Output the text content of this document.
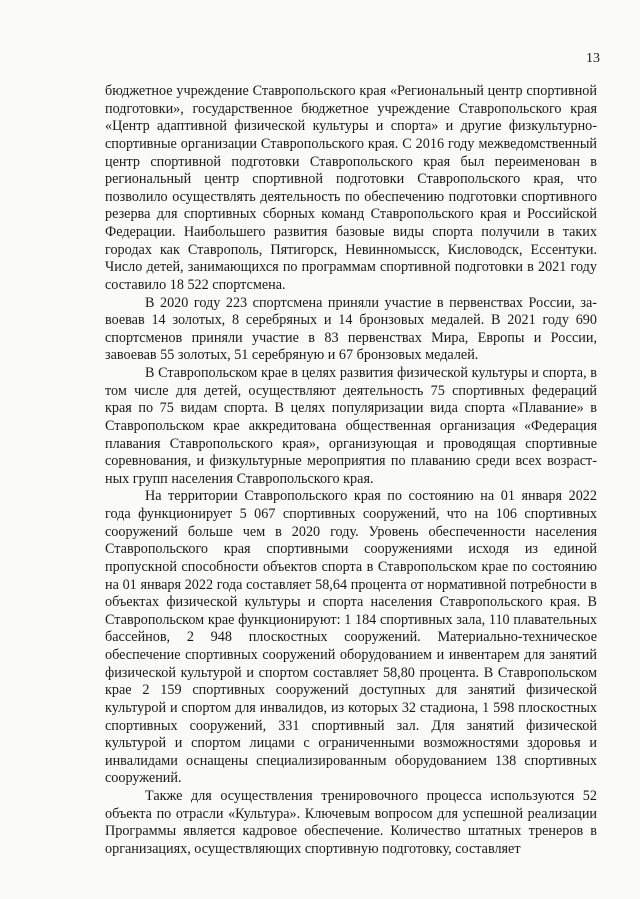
13

бюджетное учреждение Ставропольского края «Региональный центр спортивной подготовки», государственное бюджетное учреждение Ставропольского края «Центр адаптивной физической культуры и спорта» и другие физкультурно-спортивные организации Ставропольского края. С 2016 году межведомственный центр спортивной подготовки Ставропольского края был переименован в региональный центр спортивной подготовки Ставропольского края, что позволило осуществлять деятельность по обеспечению подготовки спортивного резерва для спортивных сборных команд Ставропольского края и Российской Федерации. Наибольшего развития базовые виды спорта получили в таких городах как Ставрополь, Пятигорск, Невинномысск, Кисловодск, Ессентуки. Число детей, занимающихся по программам спортивной подготовки в 2021 году составило 18 522 спортсмена.

В 2020 году 223 спортсмена приняли участие в первенствах России, завоевав 14 золотых, 8 серебряных и 14 бронзовых медалей. В 2021 году 690 спортсменов приняли участие в 83 первенствах Мира, Европы и России, завоевав 55 золотых, 51 серебряную и 67 бронзовых медалей.

В Ставропольском крае в целях развития физической культуры и спорта, в том числе для детей, осуществляют деятельность 75 спортивных федераций края по 75 видам спорта. В целях популяризации вида спорта «Плавание» в Ставропольском крае аккредитована общественная организация «Федерация плавания Ставропольского края», организующая и проводящая спортивные соревнования, и физкультурные мероприятия по плаванию среди всех возрастных групп населения Ставропольского края.

На территории Ставропольского края по состоянию на 01 января 2022 года функционирует 5 067 спортивных сооружений, что на 106 спортивных сооружений больше чем в 2020 году. Уровень обеспеченности населения Ставропольского края спортивными сооружениями исходя из единой пропускной способности объектов спорта в Ставропольском крае по состоянию на 01 января 2022 года составляет 58,64 процента от нормативной потребности в объектах физической культуры и спорта населения Ставропольского края. В Ставропольском крае функционируют: 1 184 спортивных зала, 110 плавательных бассейнов, 2 948 плоскостных сооружений. Материально-техническое обеспечение спортивных сооружений оборудованием и инвентарем для занятий физической культурой и спортом составляет 58,80 процента. В Ставропольском крае 2 159 спортивных сооружений доступных для занятий физической культурой и спортом для инвалидов, из которых 32 стадиона, 1 598 плоскостных спортивных сооружений, 331 спортивный зал. Для занятий физической культурой и спортом лицами с ограниченными возможностями здоровья и инвалидами оснащены специализированным оборудованием 138 спортивных сооружений.

Также для осуществления тренировочного процесса используются 52 объекта по отрасли «Культура». Ключевым вопросом для успешной реализации Программы является кадровое обеспечение. Количество штатных тренеров в организациях, осуществляющих спортивную подготовку, составляет
